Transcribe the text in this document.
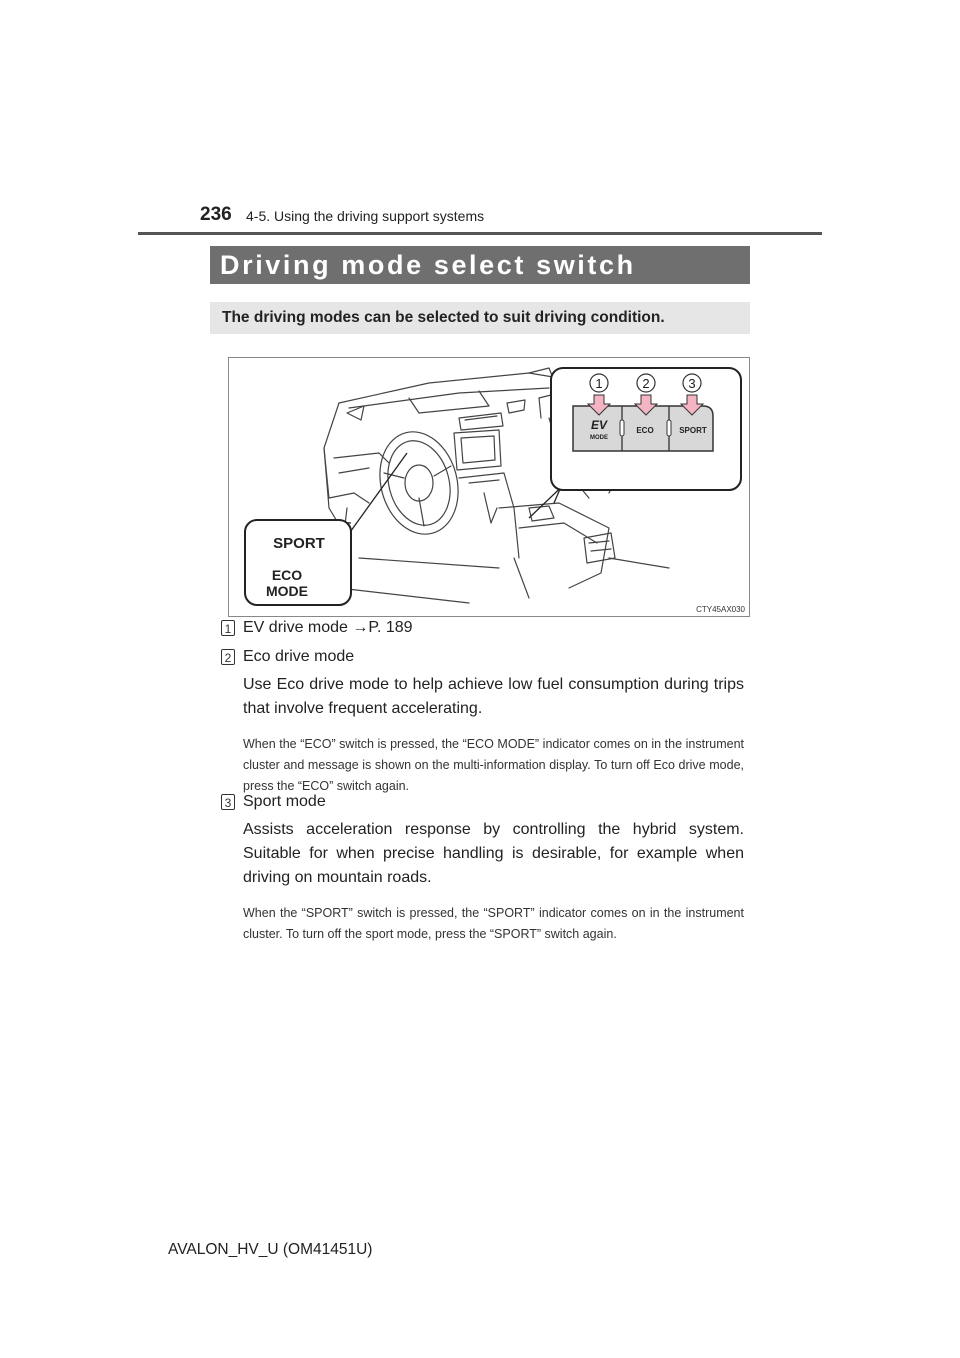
236 4-5. Using the driving support systems
Driving mode select switch
The driving modes can be selected to suit driving condition.
SPORT
ECO
MODE
EV
MODE
ECO	SPORT
1	2	3
CTY45AX030
1 EV drive mode →P. 189
2 Eco drive mode
Use Eco drive mode to help achieve low fuel consumption during trips that involve frequent accelerating.
When the “ECO” switch is pressed, the “ECO MODE” indicator comes on in the instrument cluster and message is shown on the multi-information display. To turn off Eco drive mode, press the “ECO” switch again.
3 Sport mode
Assists acceleration response by controlling the hybrid system. Suitable for when precise handling is desirable, for example when driving on mountain roads.
When the “SPORT” switch is pressed, the “SPORT” indicator comes on in the instrument cluster. To turn off the sport mode, press the “SPORT” switch again.
AVALON_HV_U (OM41451U)
